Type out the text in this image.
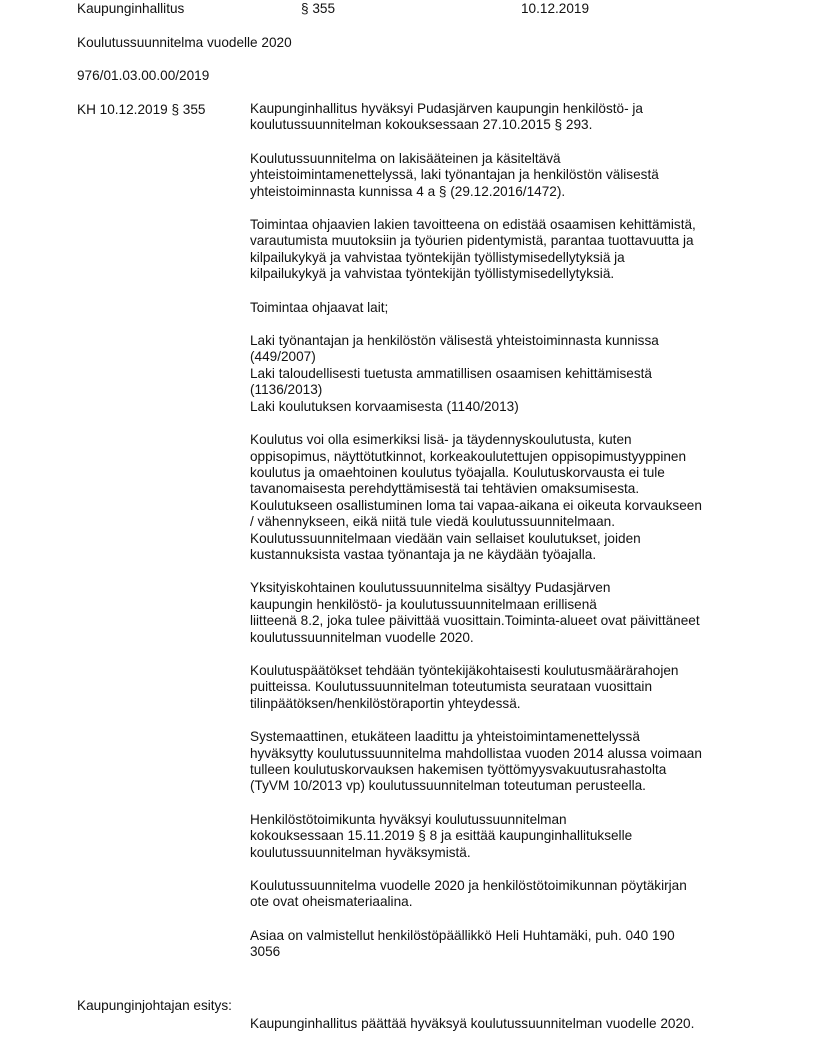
Kaupunginhallitus	§ 355	10.12.2019
Koulutussuunnitelma vuodelle 2020
976/01.03.00.00/2019
KH 10.12.2019 § 355	Kaupunginhallitus hyväksyi Pudasjärven kaupungin henkilöstö- ja
koulutussuunnitelman kokouksessaan 27.10.2015 § 293.
Koulutussuunnitelma on lakisääteinen ja käsiteltävä
yhteistoimintamenettelyssä, laki työnantajan ja henkilöstön välisestä
yhteistoiminnasta kunnissa 4 a § (29.12.2016/1472).
Toimintaa ohjaavien lakien tavoitteena on edistää osaamisen kehittämistä,
varautumista muutoksiin ja työurien pidentymistä, parantaa tuottavuutta ja
kilpailukykyä ja vahvistaa työntekijän työllistymisedellytyksiä ja
kilpailukykyä ja vahvistaa työntekijän työllistymisedellytyksiä.
Toimintaa ohjaavat lait;
Laki työnantajan ja henkilöstön välisestä yhteistoiminnasta kunnissa
(449/2007)
Laki taloudellisesti tuetusta ammatillisen osaamisen kehittämisestä
(1136/2013)
Laki koulutuksen korvaamisesta (1140/2013)
Koulutus voi olla esimerkiksi lisä- ja täydennyskoulutusta, kuten
oppisopimus, näyttötutkinnot, korkeakoulutettujen oppisopimustyyppinen
koulutus ja omaehtoinen koulutus työajalla. Koulutuskorvausta ei tule
tavanomaisesta perehdyttämisestä tai tehtävien omaksumisesta.
Koulutukseen osallistuminen loma tai vapaa-aikana ei oikeuta korvaukseen
/ vähennykseen, eikä niitä tule viedä koulutussuunnitelmaan.
Koulutussuunnitelmaan viedään vain sellaiset koulutukset, joiden
kustannuksista vastaa työnantaja ja ne käydään työajalla.
Yksityiskohtainen koulutussuunnitelma sisältyy Pudasjärven
kaupungin henkilöstö- ja koulutussuunnitelmaan erillisenä
liitteenä 8.2, joka tulee päivittää vuosittain.Toiminta-alueet ovat päivittäneet
koulutussuunnitelman vuodelle 2020.
Koulutuspäätökset tehdään työntekijäkohtaisesti koulutusmäärärahojen
puitteissa. Koulutussuunnitelman toteutumista seurataan vuosittain
tilinpäätöksen/henkilöstöraportin yhteydessä.
Systemaattinen, etukäteen laadittu ja yhteistoimintamenettelyssä
hyväksytty koulutussuunnitelma mahdollistaa vuoden 2014 alussa voimaan
tulleen koulutuskorvauksen hakemisen työttömyysvakuutusrahastolta
(TyVM 10/2013 vp) koulutussuunnitelman toteutuman perusteella.
Henkilöstötoimikunta hyväksyi koulutussuunnitelman
kokouksessaan 15.11.2019 § 8 ja esittää kaupunginhallitukselle
koulutussuunnitelman hyväksymistä.
Koulutussuunnitelma vuodelle 2020 ja henkilöstötoimikunnan pöytäkirjan
ote ovat oheismateriaalina.
Asiaa on valmistellut henkilöstöpäällikkö Heli Huhtamäki, puh. 040 190
3056
Kaupunginjohtajan esitys:
Kaupunginhallitus päättää hyväksyä koulutussuunnitelman vuodelle 2020.
